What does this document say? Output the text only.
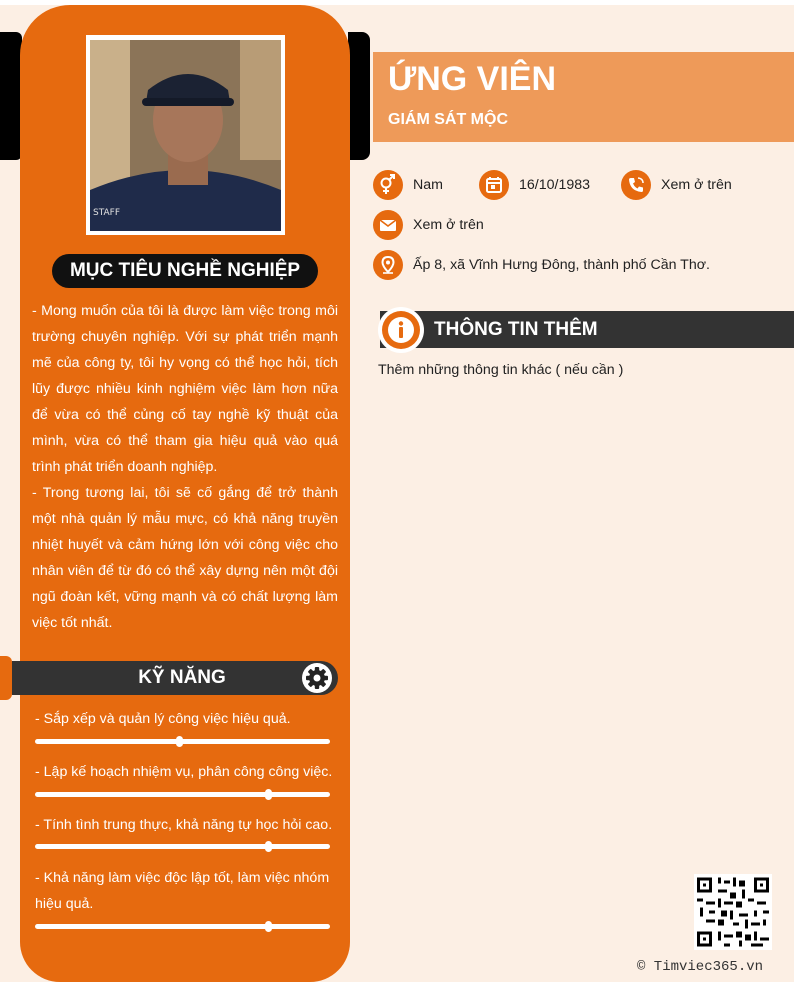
STAFF
MỤC TIÊU NGHỀ NGHIỆP

- Mong muốn của tôi là được làm việc trong môi trường chuyên nghiệp. Với sự phát triển mạnh mẽ của công ty, tôi hy vọng có thể học hỏi, tích lũy được nhiều kinh nghiệm việc làm hơn nữa để vừa có thể củng cố tay nghề kỹ thuật của mình, vừa có thể tham gia hiệu quả vào quá trình phát triển doanh nghiệp.

- Trong tương lai, tôi sẽ cố gắng để trở thành một nhà quản lý mẫu mực, có khả năng truyền nhiệt huyết và cảm hứng lớn với công việc cho nhân viên để từ đó có thể xây dựng nên một đội ngũ đoàn kết, vững mạnh và có chất lượng làm việc tốt nhất.

KỸ NĂNG
- Sắp xếp và quản lý công việc hiệu quả.
- Lập kế hoạch nhiệm vụ, phân công công việc.
- Tính tình trung thực, khả năng tự học hỏi cao.
- Khả năng làm việc độc lập tốt, làm việc nhóm hiệu quả.
ỨNG VIÊN
GIÁM SÁT MỘC
Nam	16/10/1983	Xem ở trên
Xem ở trên
Ấp 8, xã Vĩnh Hưng Đông, thành phố Cần Thơ.
THÔNG TIN THÊM
Thêm những thông tin khác ( nếu cần )
© Timviec365.vn
